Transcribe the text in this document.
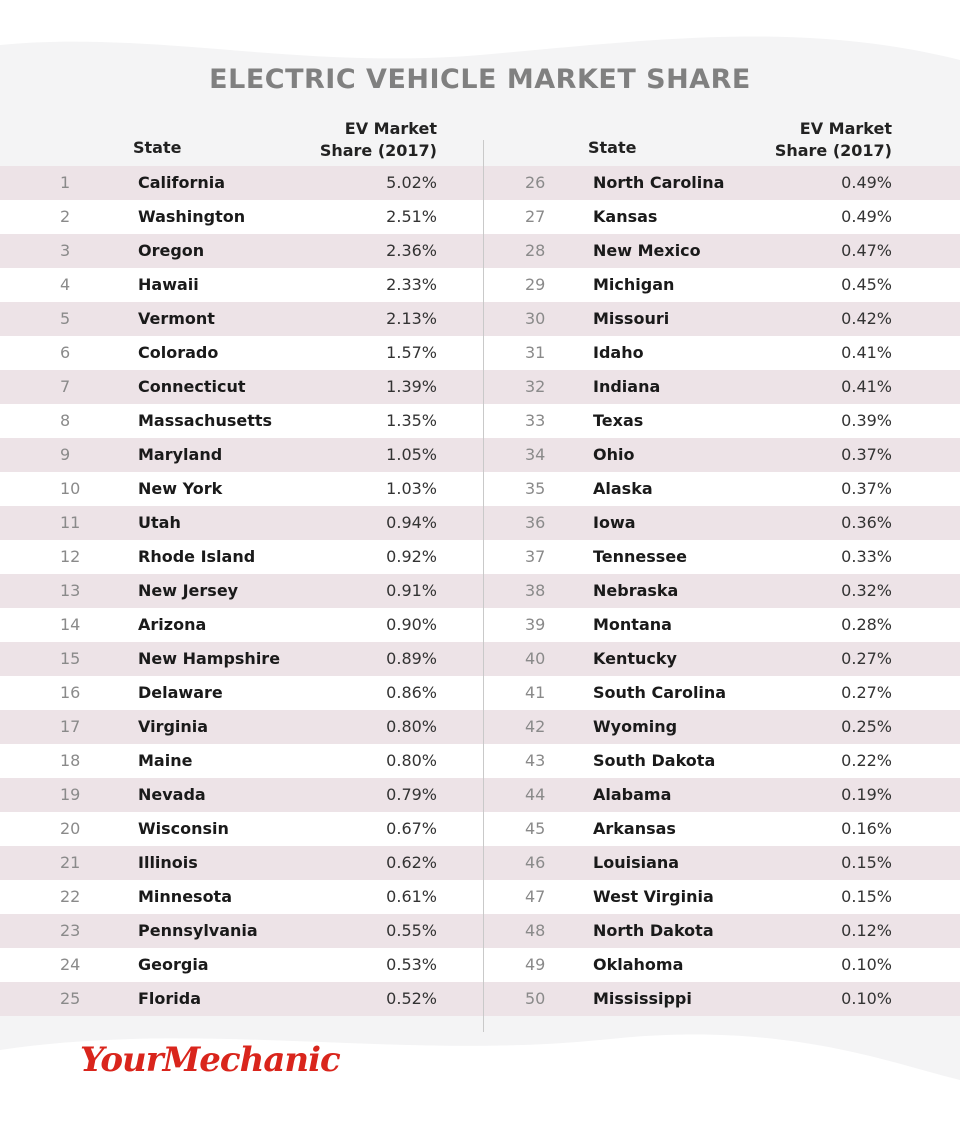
ELECTRIC VEHICLE MARKET SHARE
State
EV Market
Share (2017)
1	California	5.02%
2	Washington	2.51%
3	Oregon	2.36%
4	Hawaii	2.33%
5	Vermont	2.13%
6	Colorado	1.57%
7	Connecticut	1.39%
8	Massachusetts	1.35%
9	Maryland	1.05%
10	New York	1.03%
11	Utah	0.94%
12	Rhode Island	0.92%
13	New Jersey	0.91%
14	Arizona	0.90%
15	New Hampshire	0.89%
16	Delaware	0.86%
17	Virginia	0.80%
18	Maine	0.80%
19	Nevada	0.79%
20	Wisconsin	0.67%
21	Illinois	0.62%
22	Minnesota	0.61%
23	Pennsylvania	0.55%
24	Georgia	0.53%
25	Florida	0.52%
State
EV Market
Share (2017)
26	North Carolina	0.49%
27	Kansas	0.49%
28	New Mexico	0.47%
29	Michigan	0.45%
30	Missouri	0.42%
31	Idaho	0.41%
32	Indiana	0.41%
33	Texas	0.39%
34	Ohio	0.37%
35	Alaska	0.37%
36	Iowa	0.36%
37	Tennessee	0.33%
38	Nebraska	0.32%
39	Montana	0.28%
40	Kentucky	0.27%
41	South Carolina	0.27%
42	Wyoming	0.25%
43	South Dakota	0.22%
44	Alabama	0.19%
45	Arkansas	0.16%
46	Louisiana	0.15%
47	West Virginia	0.15%
48	North Dakota	0.12%
49	Oklahoma	0.10%
50	Mississippi	0.10%
YourMechanic
